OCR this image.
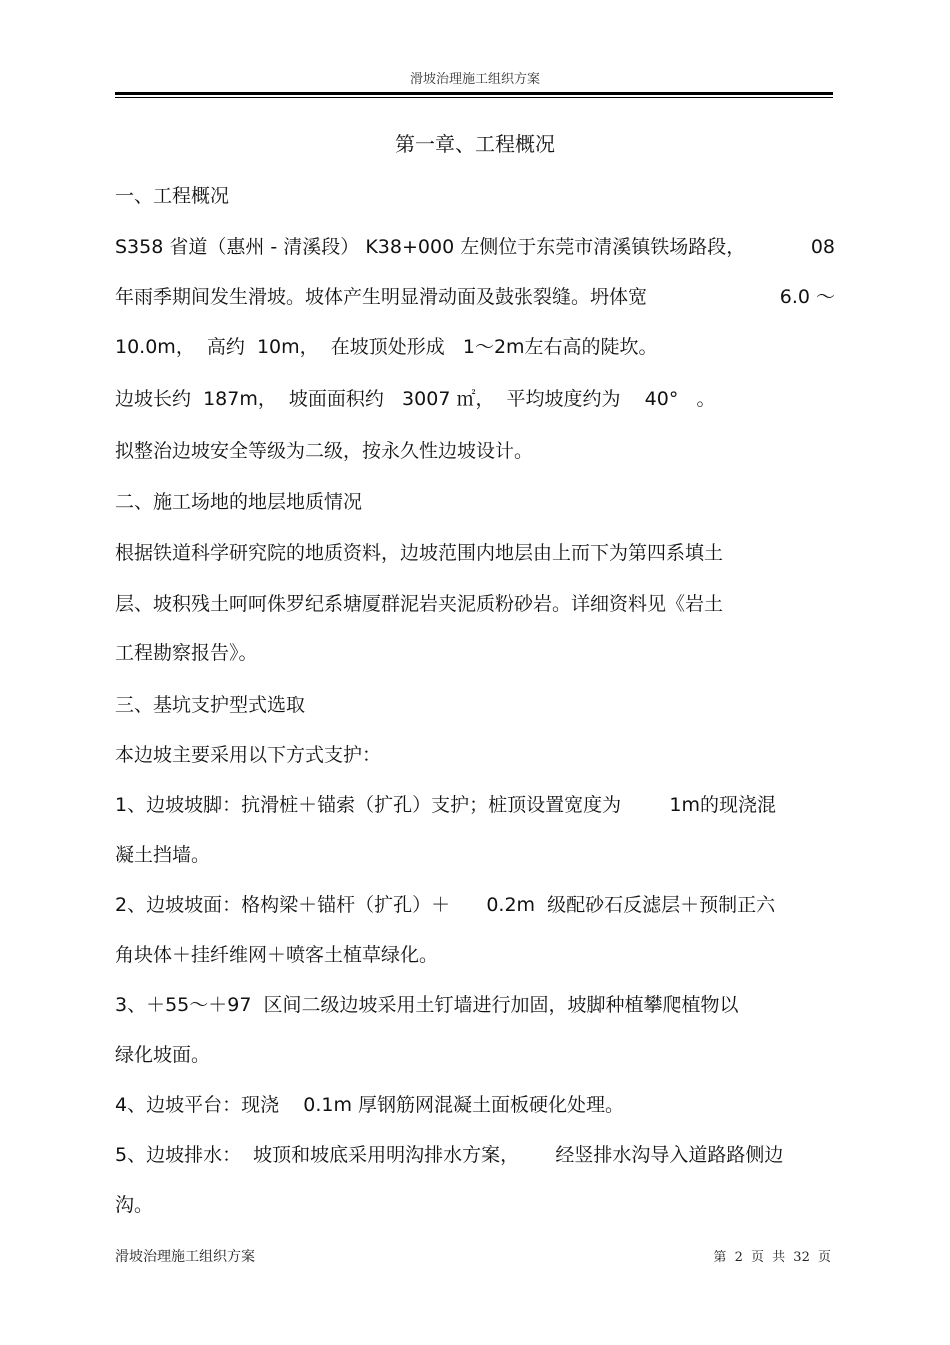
滑坡治理施工组织方案
第一章、工程概况
一、工程概况
S358 省道（惠州 - 清溪段） K38+000 左侧位于东莞市清溪镇铁场路段，	08
年雨季期间发生滑坡。坡体产生明显滑动面及鼓张裂缝。坍体宽	6.0 ～
10.0m，  高约  10m，  在坡顶处形成   1～2m左右高的陡坎。
边坡长约  187m，  坡面面积约   3007 ㎡，  平均坡度约为    40°   。
拟整治边坡安全等级为二级，按永久性边坡设计。
二、施工场地的地层地质情况
根据铁道科学研究院的地质资料，边坡范围内地层由上而下为第四系填土
层、坡积残土呵呵侏罗纪系塘厦群泥岩夹泥质粉砂岩。详细资料见《岩土
工程勘察报告》。
三、基坑支护型式选取
本边坡主要采用以下方式支护：
1、边坡坡脚：抗滑桩＋锚索（扩孔）支护；桩顶设置宽度为        1m的现浇混
凝土挡墙。
2、边坡坡面：格构梁＋锚杆（扩孔）＋      0.2m  级配砂石反滤层＋预制正六
角块体＋挂纤维网＋喷客土植草绿化。
3、＋55～＋97  区间二级边坡采用土钉墙进行加固，坡脚种植攀爬植物以
绿化坡面。
4、边坡平台：现浇    0.1m 厚钢筋网混凝土面板硬化处理。
5、边坡排水：  坡顶和坡底采用明沟排水方案，      经竖排水沟导入道路路侧边
沟。
滑坡治理施工组织方案	第 2 页 共 32 页
